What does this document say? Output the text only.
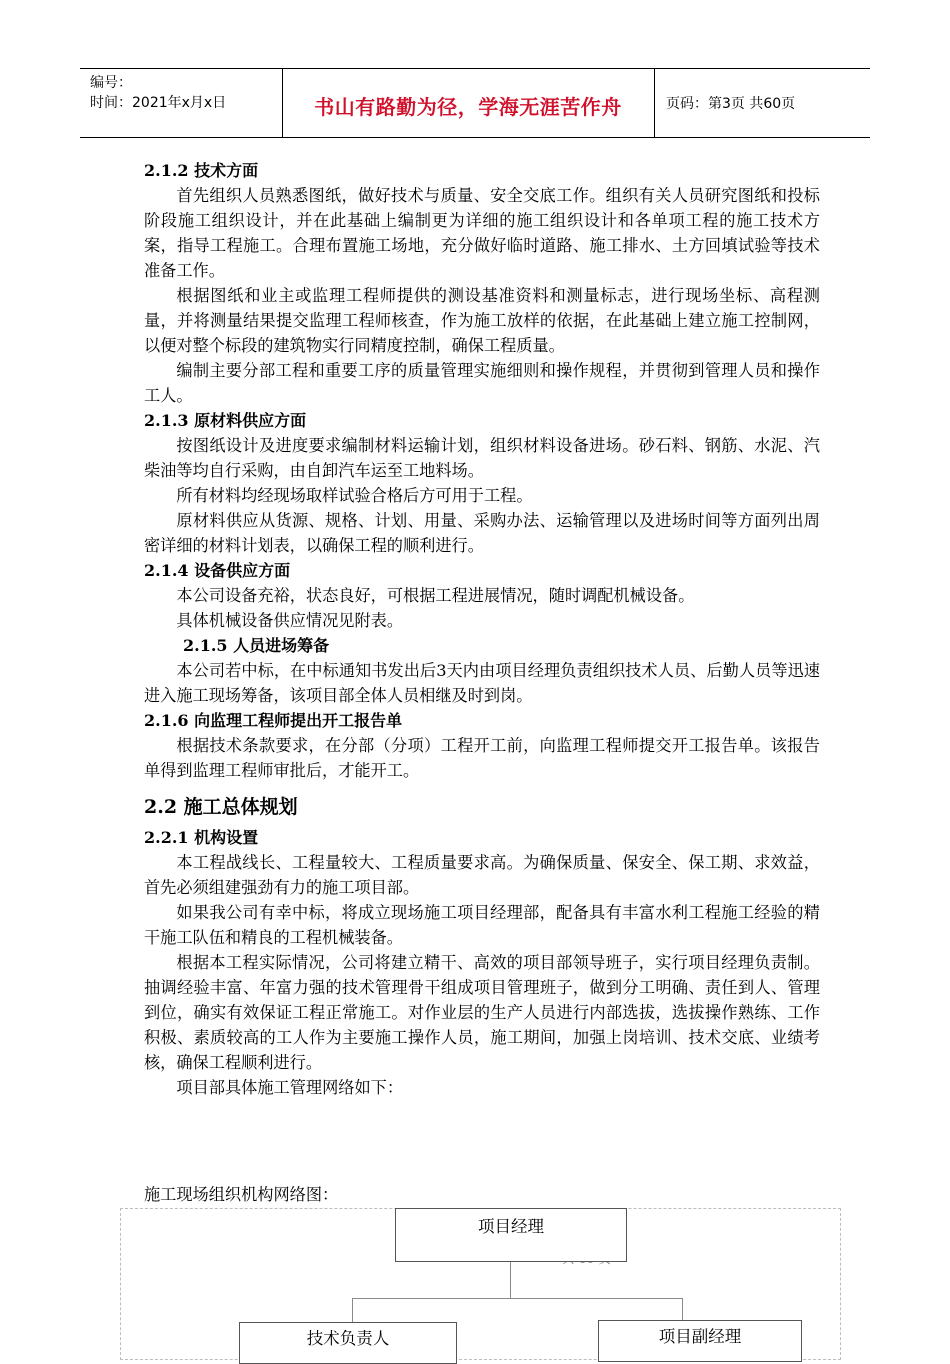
编号：
时间：2021年x月x日	书山有路勤为径，学海无涯苦作舟	页码：第3页 共60页
2.1.2 技术方面

首先组织人员熟悉图纸，做好技术与质量、安全交底工作。组织有关人员研究图纸和投标阶段施工组织设计，并在此基础上编制更为详细的施工组织设计和各单项工程的施工技术方案，指导工程施工。合理布置施工场地，充分做好临时道路、施工排水、土方回填试验等技术准备工作。

根据图纸和业主或监理工程师提供的测设基准资料和测量标志，进行现场坐标、高程测量，并将测量结果提交监理工程师核查，作为施工放样的依据，在此基础上建立施工控制网，以便对整个标段的建筑物实行同精度控制，确保工程质量。

编制主要分部工程和重要工序的质量管理实施细则和操作规程，并贯彻到管理人员和操作工人。

2.1.3 原材料供应方面

按图纸设计及进度要求编制材料运输计划，组织材料设备进场。砂石料、钢筋、水泥、汽柴油等均自行采购，由自卸汽车运至工地料场。

所有材料均经现场取样试验合格后方可用于工程。

原材料供应从货源、规格、计划、用量、采购办法、运输管理以及进场时间等方面列出周密详细的材料计划表，以确保工程的顺利进行。

2.1.4 设备供应方面

本公司设备充裕，状态良好，可根据工程进展情况，随时调配机械设备。

具体机械设备供应情况见附表。

2.1.5 人员进场筹备

本公司若中标，在中标通知书发出后3天内由项目经理负责组织技术人员、后勤人员等迅速进入施工现场筹备，该项目部全体人员相继及时到岗。

2.1.6 向监理工程师提出开工报告单

根据技术条款要求，在分部（分项）工程开工前，向监理工程师提交开工报告单。该报告单得到监理工程师审批后，才能开工。

2.2 施工总体规划
2.2.1 机构设置

本工程战线长、工程量较大、工程质量要求高。为确保质量、保安全、保工期、求效益，首先必须组建强劲有力的施工项目部。

如果我公司有幸中标，将成立现场施工项目经理部，配备具有丰富水利工程施工经验的精干施工队伍和精良的工程机械装备。

根据本工程实际情况，公司将建立精干、高效的项目部领导班子，实行项目经理负责制。抽调经验丰富、年富力强的技术管理骨干组成项目管理班子，做到分工明确、责任到人、管理到位，确实有效保证工程正常施工。对作业层的生产人员进行内部选拔，选拔操作熟练、工作积极、素质较高的工人作为主要施工操作人员，施工期间，加强上岗培训、技术交底、业绩考核，确保工程顺利进行。

项目部具体施工管理网络如下：

施工现场组织机构网络图：
项目经理
技术负责人	项目副经理
